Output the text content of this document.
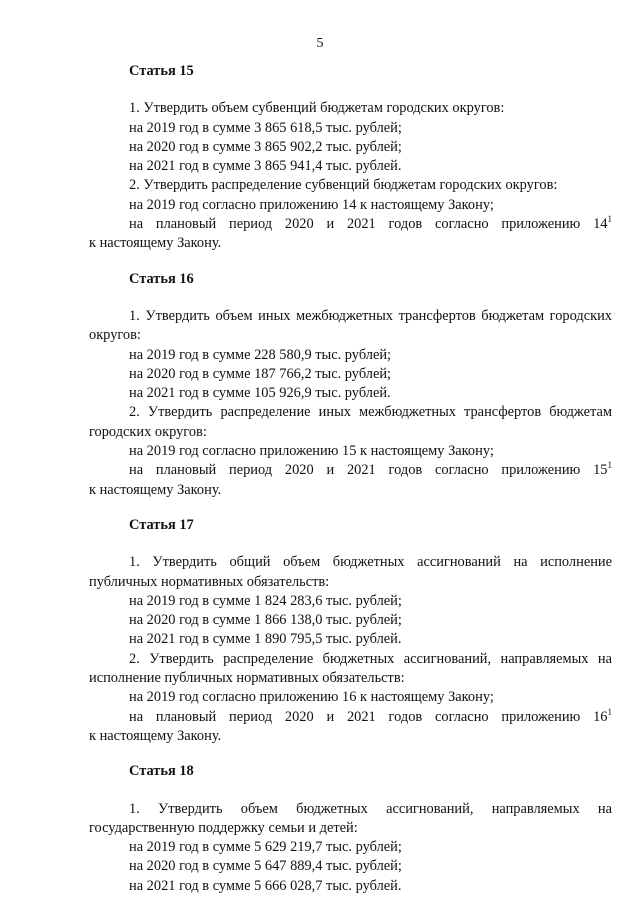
5
Статья 15

1. Утвердить объем субвенций бюджетам городских округов:

на 2019 год в сумме 3 865 618,5 тыс. рублей;

на 2020 год в сумме 3 865 902,2 тыс. рублей;

на 2021 год в сумме 3 865 941,4 тыс. рублей.

2. Утвердить распределение субвенций бюджетам городских округов:

на 2019 год согласно приложению 14 к настоящему Закону;

на плановый период 2020 и 2021 годов согласно приложению $14^1$

к настоящему Закону.

Статья 16

1. Утвердить объем иных межбюджетных трансфертов бюджетам городских округов:

на 2019 год в сумме 228 580,9 тыс. рублей;

на 2020 год в сумме 187 766,2 тыс. рублей;

на 2021 год в сумме 105 926,9 тыс. рублей.

2. Утвердить распределение иных межбюджетных трансфертов бюджетам городских округов:

на 2019 год согласно приложению 15 к настоящему Закону;

на плановый период 2020 и 2021 годов согласно приложению $15^1$

к настоящему Закону.

Статья 17

1. Утвердить общий объем бюджетных ассигнований на исполнение публичных нормативных обязательств:

на 2019 год в сумме 1 824 283,6 тыс. рублей;

на 2020 год в сумме 1 866 138,0 тыс. рублей;

на 2021 год в сумме 1 890 795,5 тыс. рублей.

2. Утвердить распределение бюджетных ассигнований, направляемых на исполнение публичных нормативных обязательств:

на 2019 год согласно приложению 16 к настоящему Закону;

на плановый период 2020 и 2021 годов согласно приложению $16^1$

к настоящему Закону.

Статья 18

1. Утвердить объем бюджетных ассигнований, направляемых на государственную поддержку семьи и детей:

на 2019 год в сумме 5 629 219,7 тыс. рублей;

на 2020 год в сумме 5 647 889,4 тыс. рублей;

на 2021 год в сумме 5 666 028,7 тыс. рублей.
